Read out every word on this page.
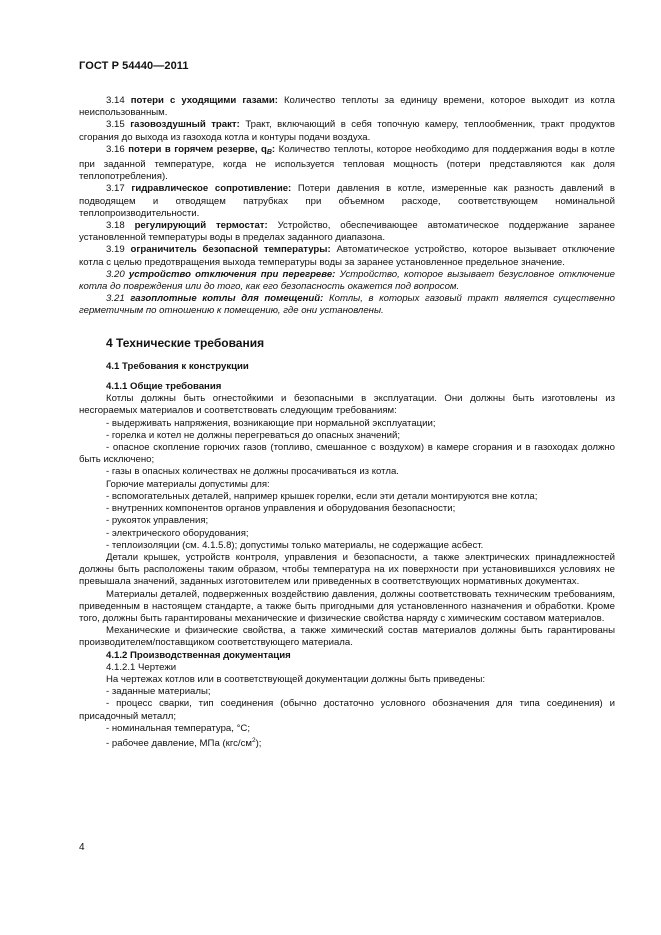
ГОСТ Р 54440—2011

3.14 потери с уходящими газами: Количество теплоты за единицу времени, которое выходит из котла неиспользованным.

3.15 газовоздушный тракт: Тракт, включающий в себя топочную камеру, теплообменник, тракт продуктов сгорания до выхода из газохода котла и контуры подачи воздуха.

3.16 потери в горячем резерве, $q_B$: Количество теплоты, которое необходимо для поддержания воды в котле при заданной температуре, когда не используется тепловая мощность (потери представляются как доля теплопотребления).

3.17 гидравлическое сопротивление: Потери давления в котле, измеренные как разность давлений в подводящем и отводящем патрубках при объемном расходе, соответствующем номинальной теплопроизводительности.

3.18 регулирующий термостат: Устройство, обеспечивающее автоматическое поддержание заранее установленной температуры воды в пределах заданного диапазона.

3.19 ограничитель безопасной температуры: Автоматическое устройство, которое вызывает отключение котла с целью предотвращения выхода температуры воды за заранее установленное предельное значение.

3.20 устройство отключения при перегреве: Устройство, которое вызывает безусловное отключение котла до повреждения или до того, как его безопасность окажется под вопросом.

3.21 газоплотные котлы для помещений: Котлы, в которых газовый тракт является существенно герметичным по отношению к помещению, где они установлены.

4 Технические требования
4.1 Требования к конструкции
4.1.1 Общие требования

Котлы должны быть огнестойкими и безопасными в эксплуатации. Они должны быть изготовлены из несгораемых материалов и соответствовать следующим требованиям:

- выдерживать напряжения, возникающие при нормальной эксплуатации;

- горелка и котел не должны перегреваться до опасных значений;

- опасное скопление горючих газов (топливо, смешанное с воздухом) в камере сгорания и в газоходах должно быть исключено;

- газы в опасных количествах не должны просачиваться из котла.

Горючие материалы допустимы для:

- вспомогательных деталей, например крышек горелки, если эти детали монтируются вне котла;

- внутренних компонентов органов управления и оборудования безопасности;

- рукояток управления;

- электрического оборудования;

- теплоизоляции (см. 4.1.5.8); допустимы только материалы, не содержащие асбест.

Детали крышек, устройств контроля, управления и безопасности, а также электрических принадлежностей должны быть расположены таким образом, чтобы температура на их поверхности при установившихся условиях не превышала значений, заданных изготовителем или приведенных в соответствующих нормативных документах.

Материалы деталей, подверженных воздействию давления, должны соответствовать техническим требованиям, приведенным в настоящем стандарте, а также быть пригодными для установленного назначения и обработки. Кроме того, должны быть гарантированы механические и физические свойства наряду с химическим составом материалов.

Механические и физические свойства, а также химический состав материалов должны быть гарантированы производителем/поставщиком соответствующего материала.

4.1.2 Производственная документация

4.1.2.1 Чертежи

На чертежах котлов или в соответствующей документации должны быть приведены:

- заданные материалы;

- процесс сварки, тип соединения (обычно достаточно условного обозначения для типа соединения) и присадочный металл;

- номинальная температура, °С;

- рабочее давление, МПа $(кгс/см^2)$;

4
